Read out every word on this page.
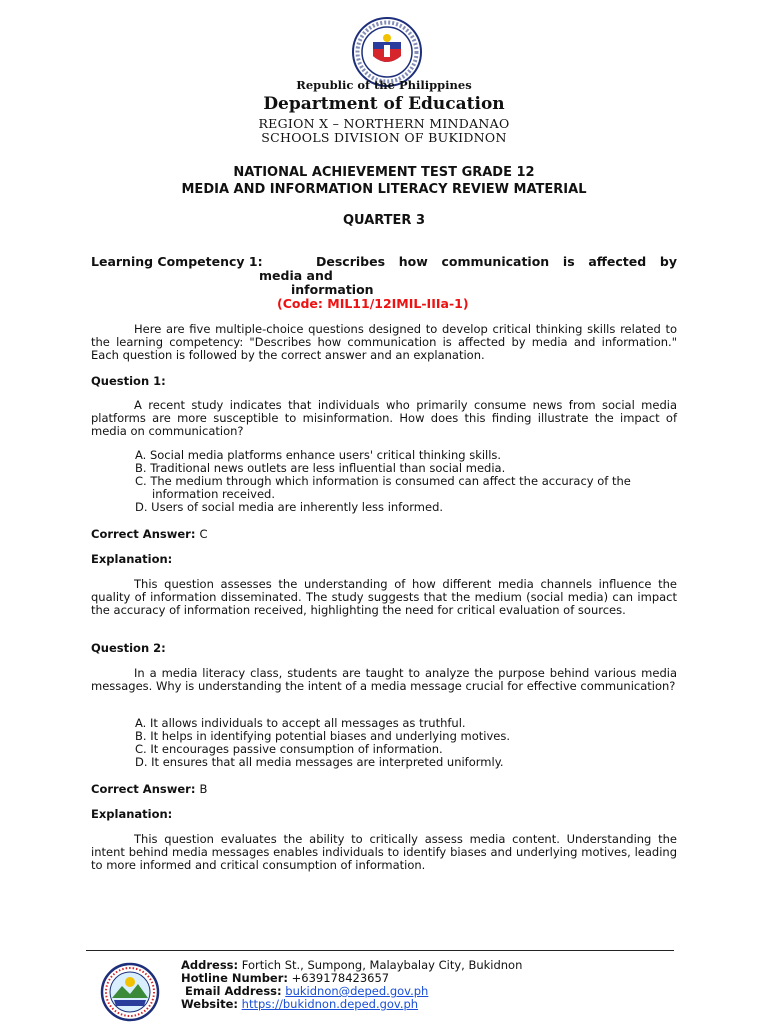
Republic of the Philippines
Department of Education
REGION X – NORTHERN MINDANAO
SCHOOLS DIVISION OF BUKIDNON
NATIONAL ACHIEVEMENT TEST GRADE 12
MEDIA AND INFORMATION LITERACY REVIEW MATERIAL
QUARTER 3
Learning Competency 1:	Describes how communication is affected by
media and
information
(Code: MIL11/12IMIL-IIIa-1)
Here are five multiple-choice questions designed to develop critical thinking skills related to the learning competency: "Describes how communication is affected by media and information." Each question is followed by the correct answer and an explanation.
Question 1:
A recent study indicates that individuals who primarily consume news from social media platforms are more susceptible to misinformation. How does this finding illustrate the impact of media on communication?
A. Social media platforms enhance users' critical thinking skills.
B. Traditional news outlets are less influential than social media.
C. The medium through which information is consumed can affect the accuracy of the information received.
D. Users of social media are inherently less informed.
Correct Answer: C
Explanation:
This question assesses the understanding of how different media channels influence the quality of information disseminated. The study suggests that the medium (social media) can impact the accuracy of information received, highlighting the need for critical evaluation of sources.
Question 2:
In a media literacy class, students are taught to analyze the purpose behind various media messages. Why is understanding the intent of a media message crucial for effective communication?
A. It allows individuals to accept all messages as truthful.
B. It helps in identifying potential biases and underlying motives.
C. It encourages passive consumption of information.
D. It ensures that all media messages are interpreted uniformly.
Correct Answer: B
Explanation:
This question evaluates the ability to critically assess media content. Understanding the intent behind media messages enables individuals to identify biases and underlying motives, leading to more informed and critical consumption of information.
Address: Fortich St., Sumpong, Malaybalay City, Bukidnon
Hotline Number: +639178423657
Email Address: bukidnon@deped.gov.ph
Website: https://bukidnon.deped.gov.ph
